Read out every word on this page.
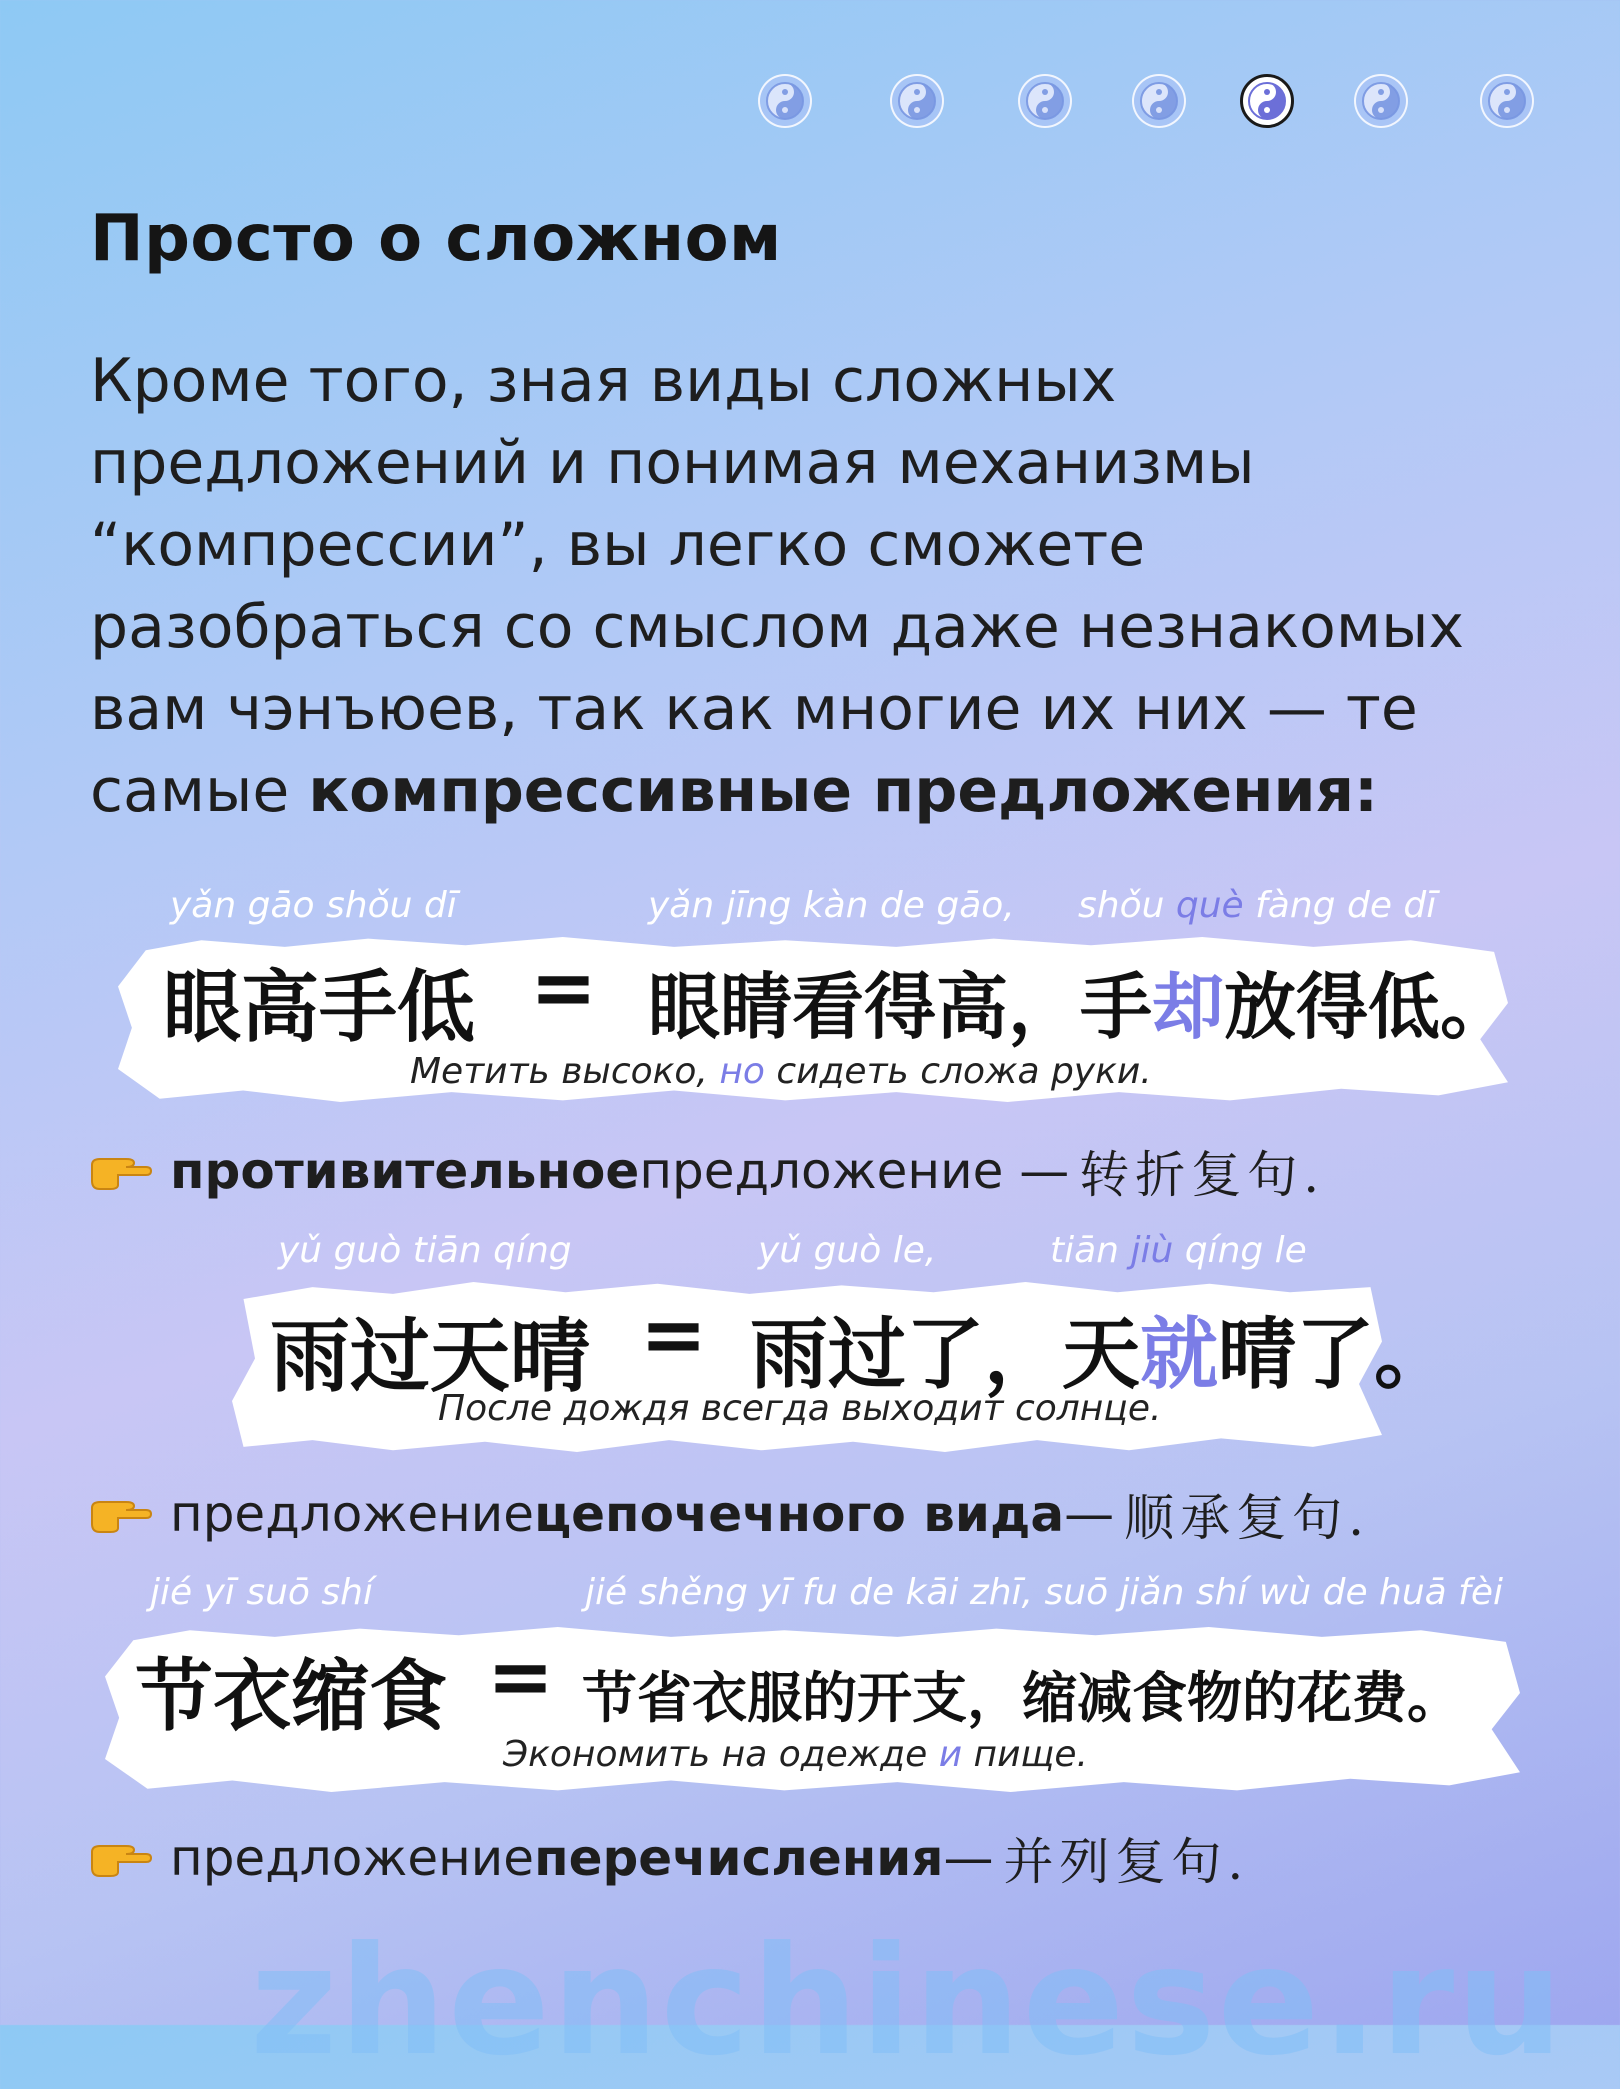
Просто о сложном

Кроме того, зная виды сложных
предложений и понимая механизмы
“компрессии”, вы легко сможете
разобраться со смыслом даже незнакомых
вам чэнъюев, так как многие их них — те
самые компрессивные предложения:

yǎn gāo shǒu dī	yǎn jīng kàn de gāo, shǒu què fàng de dī
眼高手低 = 眼睛看得高，手却放得低。
Метить высоко, но сидеть сложа руки.
противительное предложение — 转折复句.
yǔ guò tiān qíng	yǔ guò le,	tiān jiù qíng le
雨过天晴 = 雨过了，天就晴了。
После дождя всегда выходит солнце.
предложение цепочечного вида — 顺承复句.
jié yī suō shí	jié shěng yī fu de kāi zhī, suō jiǎn shí wù de huā fèi
节衣缩食 = 节省衣服的开支，缩减食物的花费。
Экономить на одежде и пище.
предложение перечисления — 并列复句.

zhenchinese.ru
